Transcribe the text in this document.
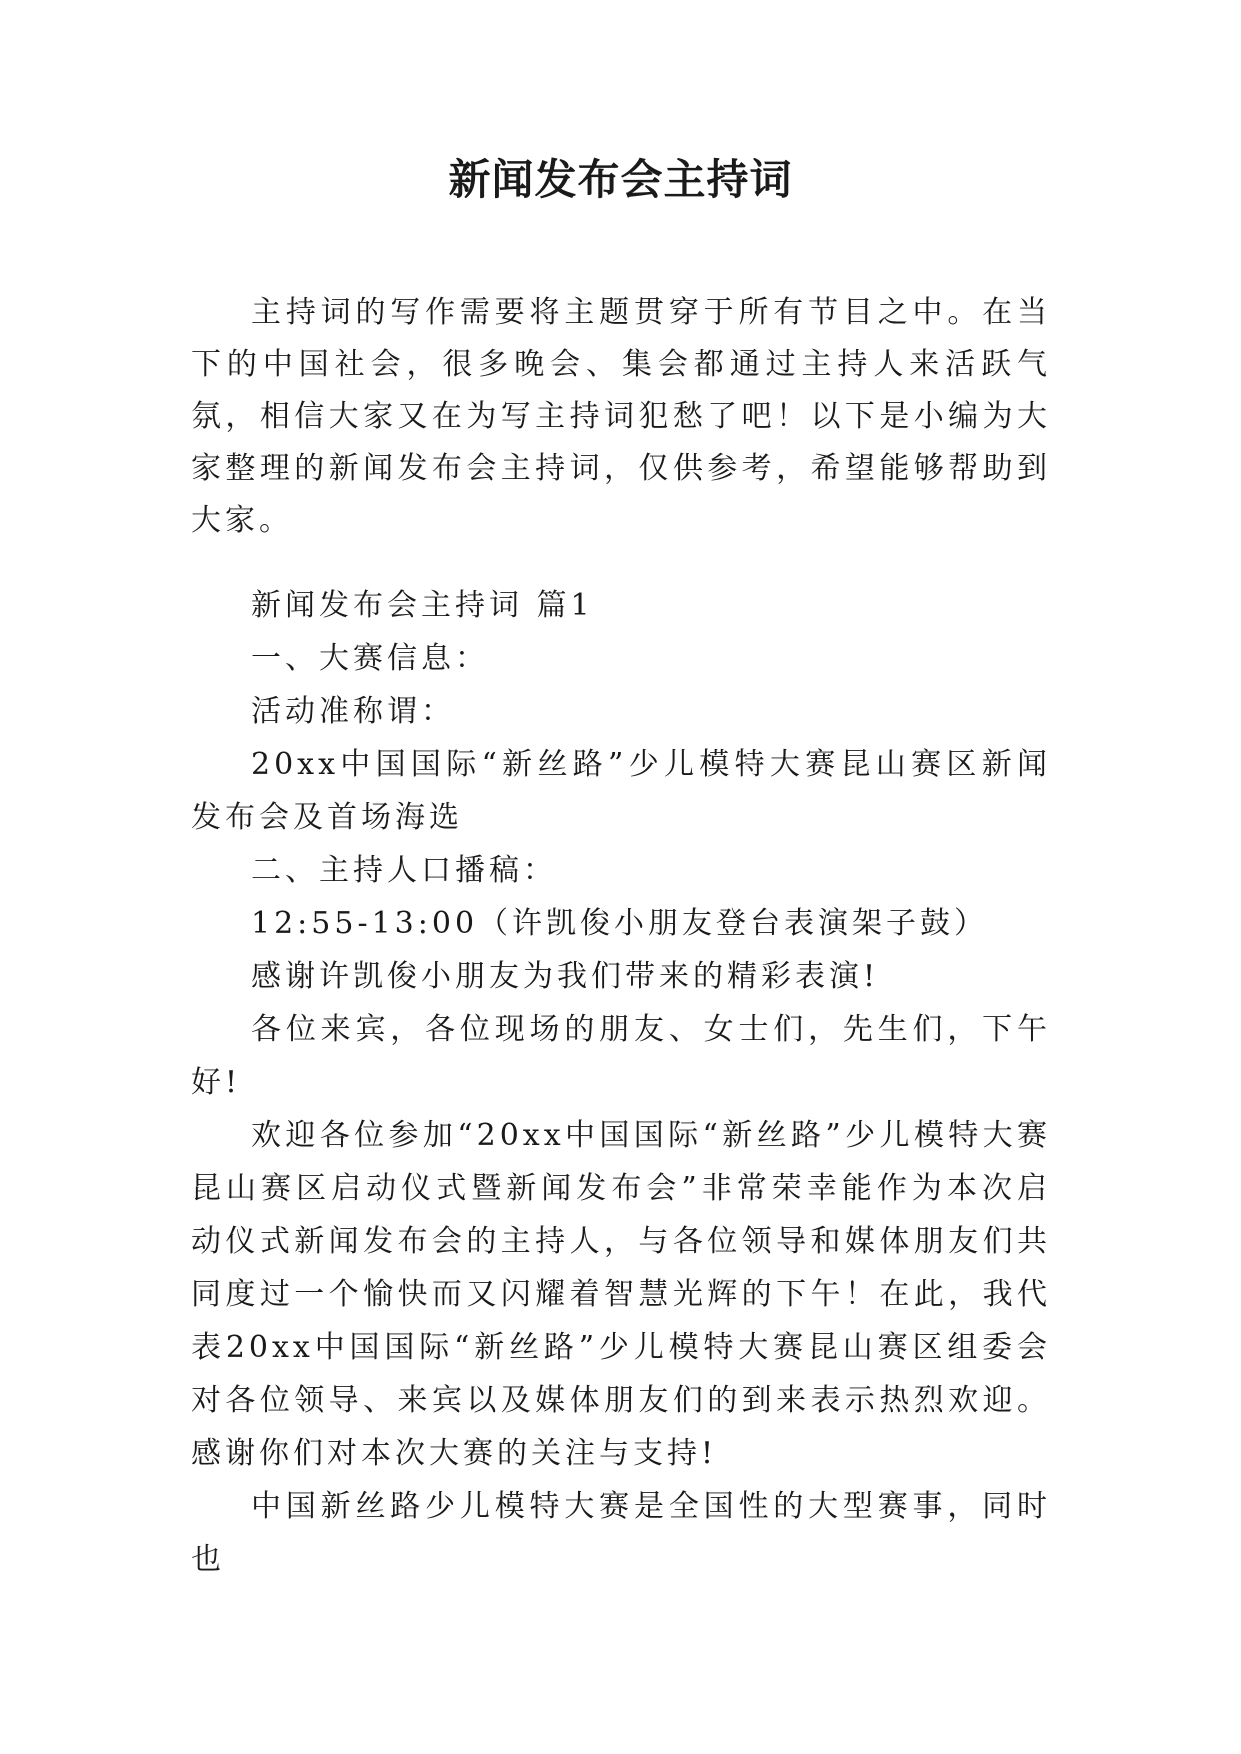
新闻发布会主持词

主持词的写作需要将主题贯穿于所有节目之中。在当下的中国社会，很多晚会、集会都通过主持人来活跃气氛，相信大家又在为写主持词犯愁了吧！以下是小编为大家整理的新闻发布会主持词，仅供参考，希望能够帮助到大家。

新闻发布会主持词 篇1

一、大赛信息：

活动准称谓：

20xx中国国际“新丝路”少儿模特大赛昆山赛区新闻发布会及首场海选

二、主持人口播稿：

12:55-13:00（许凯俊小朋友登台表演架子鼓）

感谢许凯俊小朋友为我们带来的精彩表演!

各位来宾，各位现场的朋友、女士们，先生们，下午好!

欢迎各位参加“20xx中国国际“新丝路”少儿模特大赛昆山赛区启动仪式暨新闻发布会”非常荣幸能作为本次启动仪式新闻发布会的主持人，与各位领导和媒体朋友们共同度过一个愉快而又闪耀着智慧光辉的下午！在此，我代表20xx中国国际“新丝路”少儿模特大赛昆山赛区组委会对各位领导、来宾以及媒体朋友们的到来表示热烈欢迎。感谢你们对本次大赛的关注与支持!

中国新丝路少儿模特大赛是全国性的大型赛事，同时也
